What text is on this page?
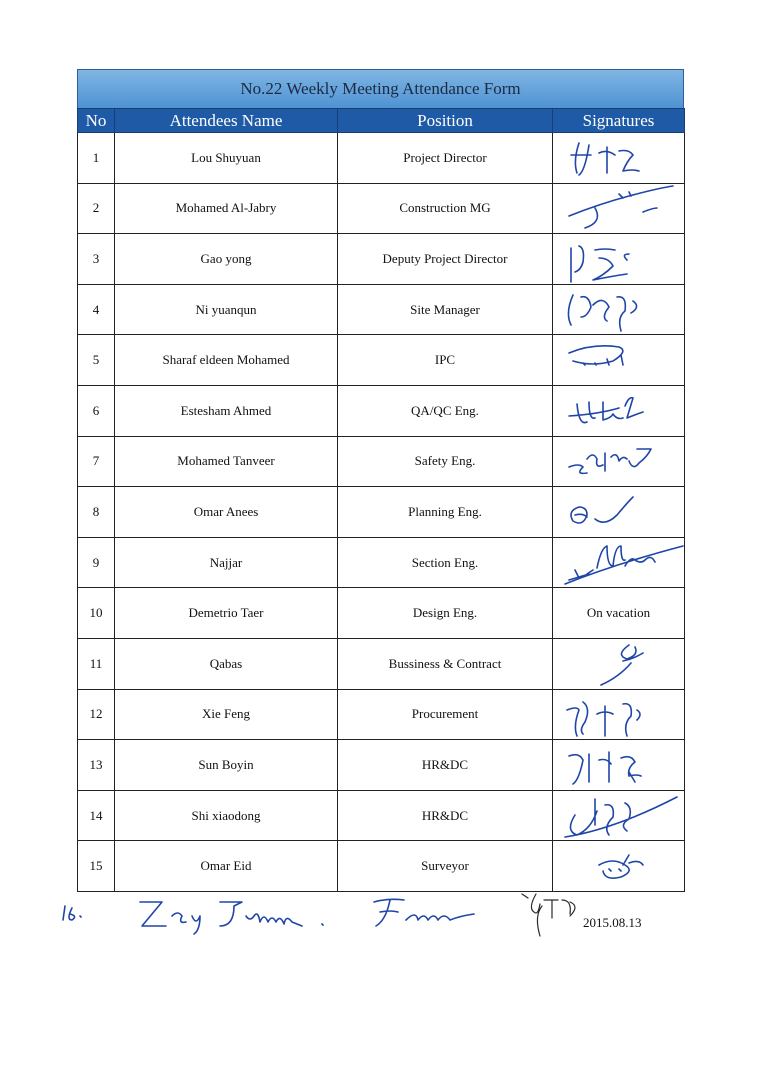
No.22 Weekly Meeting Attendance Form
No	Attendees Name	Position	Signatures
1	Lou Shuyuan	Project Director	

2	Mohamed Al-Jabry	Construction MG	

3	Gao yong	Deputy Project Director	

4	Ni yuanqun	Site Manager	

5	Sharaf eldeen Mohamed	IPC	

6	Estesham Ahmed	QA/QC Eng.	

7	Mohamed Tanveer	Safety Eng.	

8	Omar Anees	Planning Eng.	

9	Najjar	Section Eng.	

10	Demetrio Taer	Design Eng.	On vacation
11	Qabas	Bussiness & Contract	

12	Xie Feng	Procurement	

13	Sun Boyin	HR&DC	

14	Shi xiaodong	HR&DC	

15	Omar Eid	Surveyor	
2015.08.13
